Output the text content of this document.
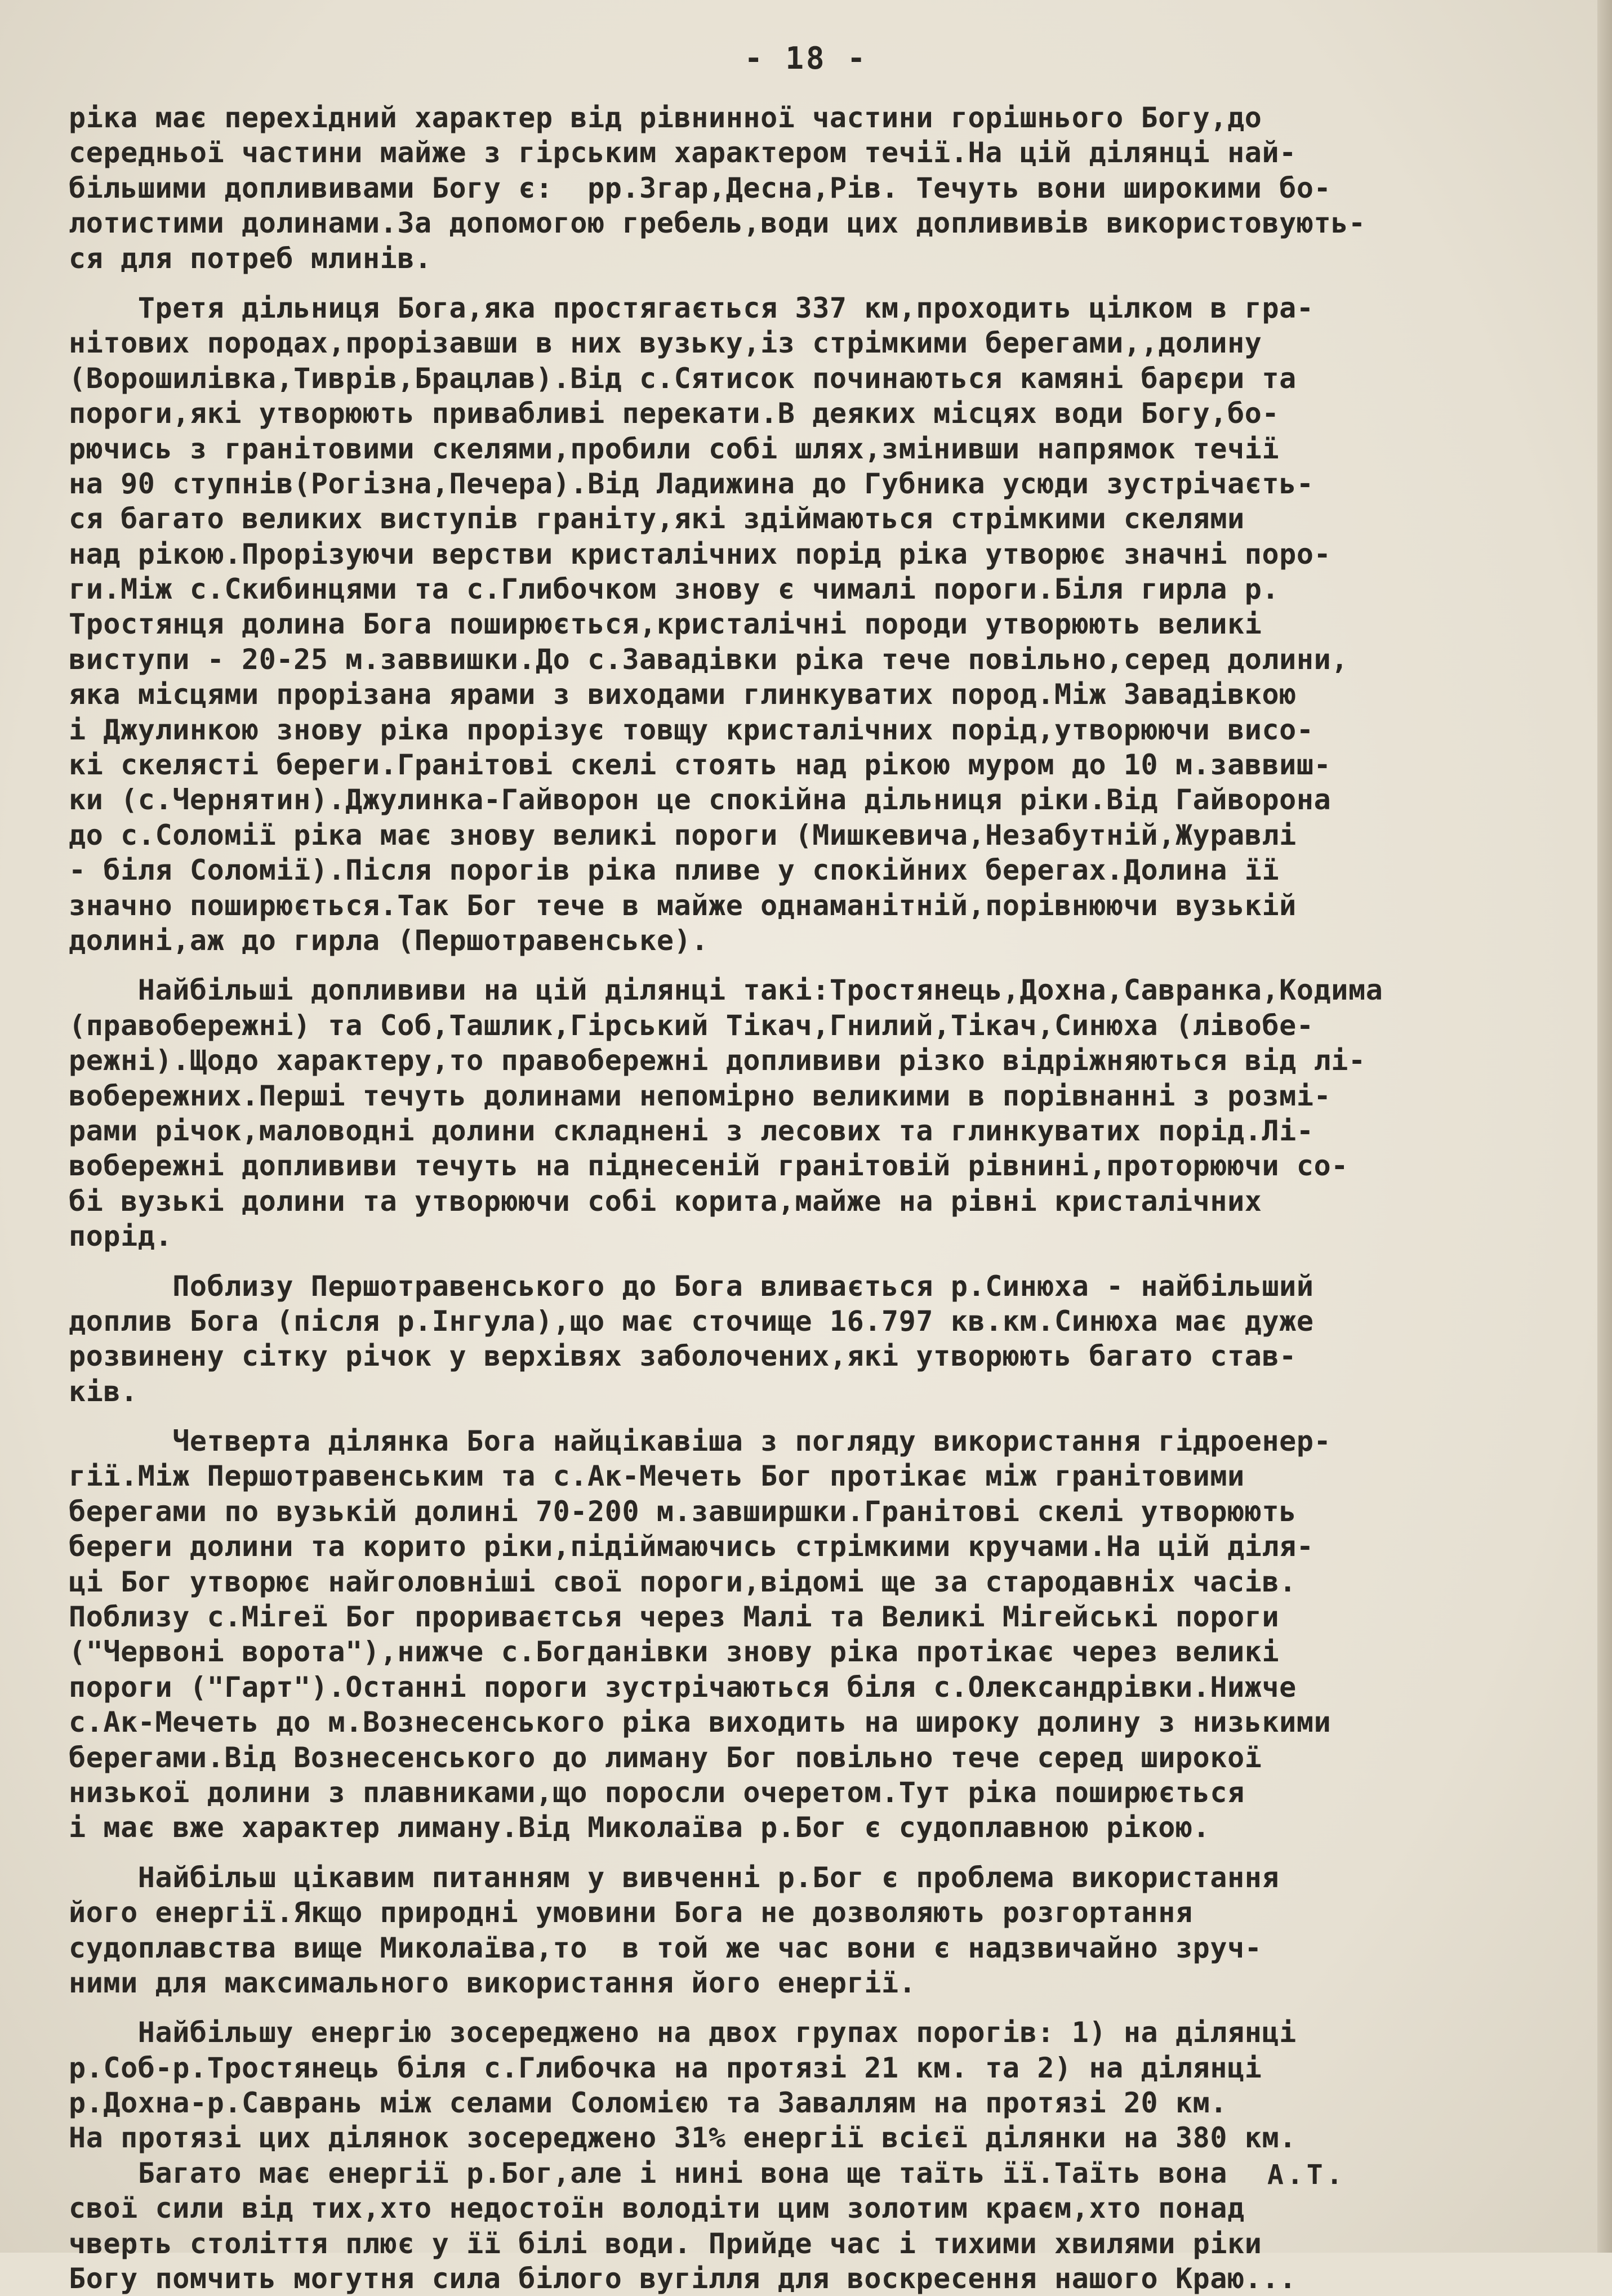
- 18 -
ріка має перехідний характер від рівнинної частини горішнього Богу,до
середньої частини майже з гірським характером течії.На цій ділянці най-
більшими доплививами Богу є:  рр.Згар,Десна,Рів. Течуть вони широкими бо-
лотистими долинами.За допомогою гребель,води цих доплививів використовують-
ся для потреб млинів.
Третя дільниця Бога,яка простягається 337 км,проходить цілком в гра-
нітових породах,прорізавши в них вузьку,із стрімкими берегами,,долину
(Ворошилівка,Тиврів,Брацлав).Від с.Сятисок починаються камяні барєри та
пороги,які утворюють привабливі перекати.В деяких місцях води Богу,бо-
рючись з гранітовими скелями,пробили собі шлях,змінивши напрямок течії
на 90 ступнів(Рогізна,Печера).Від Ладижина до Губника усюди зустрічаєть-
ся багато великих виступів граніту,які здіймаються стрімкими скелями
над рікою.Прорізуючи верстви кристалічних порід ріка утворює значні поро-
ги.Між с.Скибинцями та с.Глибочком знову є чималі пороги.Біля гирла р.
Тростянця долина Бога поширюється,кристалічні породи утворюють великі
виступи - 20-25 м.заввишки.До с.Завадівки ріка тече повільно,серед долини,
яка місцями прорізана ярами з виходами глинкуватих пород.Між Завадівкою
і Джулинкою знову ріка прорізує товщу кристалічних порід,утворюючи висо-
кі скелясті береги.Гранітові скелі стоять над рікою муром до 10 м.заввиш-
ки (с.Чернятин).Джулинка-Гайворон це спокійна дільниця ріки.Від Гайворона
до с.Соломії ріка має знову великі пороги (Мишкевича,Незабутній,Журавлі
- біля Соломії).Після порогів ріка пливе у спокійних берегах.Долина її
значно поширюється.Так Бог тече в майже однаманітній,порівнюючи вузькій
долині,аж до гирла (Першотравенське).
Найбільші доплививи на цій ділянці такі:Тростянець,Дохна,Савранка,Кодима
(правобережні) та Соб,Ташлик,Гірський Тікач,Гнилий,Тікач,Синюха (лівобе-
режні).Щодо характеру,то правобережні доплививи різко відріжняються від лі-
вобережних.Перші течуть долинами непомірно великими в порівнанні з розмі-
рами річок,маловодні долини складнені з лесових та глинкуватих порід.Лі-
вобережні доплививи течуть на піднесеній гранітовій рівнині,проторюючи со-
бі вузькі долини та утворюючи собі корита,майже на рівні кристалічних
порід.
Поблизу Першотравенського до Бога вливається р.Синюха - найбільший
доплив Бога (після р.Інгула),що має сточище 16.797 кв.км.Синюха має дуже
розвинену сітку річок у верхівях заболочених,які утворюють багато став-
ків.
Четверта ділянка Бога найцікавіша з погляду використання гідроенер-
гії.Між Першотравенським та с.Ак-Мечеть Бог протікає між гранітовими
берегами по вузькій долині 70-200 м.завширшки.Гранітові скелі утворюють
береги долини та корито ріки,підіймаючись стрімкими кручами.На цій діля-
ці Бог утворює найголовніші свої пороги,відомі ще за стародавніх часів.
Поблизу с.Мігеї Бог прориваєтсья через Малі та Великі Мігейські пороги
("Червоні ворота"),нижче с.Богданівки знову ріка протікає через великі
пороги ("Гарт").Останні пороги зустрічаються біля с.Олександрівки.Нижче
с.Ак-Мечеть до м.Вознесенського ріка виходить на широку долину з низькими
берегами.Від Вознесенського до лиману Бог повільно тече серед широкої
низької долини з плавниками,що поросли очеретом.Тут ріка поширюється
і має вже характер лиману.Від Миколаїва р.Бог є судоплавною рікою.
Найбільш цікавим питанням у вивченні р.Бог є проблема використання
його енергії.Якщо природні умовини Бога не дозволяють розгортання
судоплавства вище Миколаїва,то  в той же час вони є надзвичайно зруч-
ними для максимального використання його енергії.
Найбільшу енергію зосереджено на двох групах порогів: 1) на ділянці
р.Соб-р.Тростянець біля с.Глибочка на протязі 21 км. та 2) на ділянці
р.Дохна-р.Саврань між селами Соломією та Заваллям на протязі 20 км.
На протязі цих ділянок зосереджено 31% енергії всієї ділянки на 380 км.
Багато має енергії р.Бог,але і нині вона ще таїть її.Таїть вона
свої сили від тих,хто недостоїн володіти цим золотим краєм,хто понад
чверть століття плює у її білі води. Прийде час і тихими хвилями ріки
Богу помчить могутня сила білого вугілля для воскресення нашого Краю...
А.Т.
